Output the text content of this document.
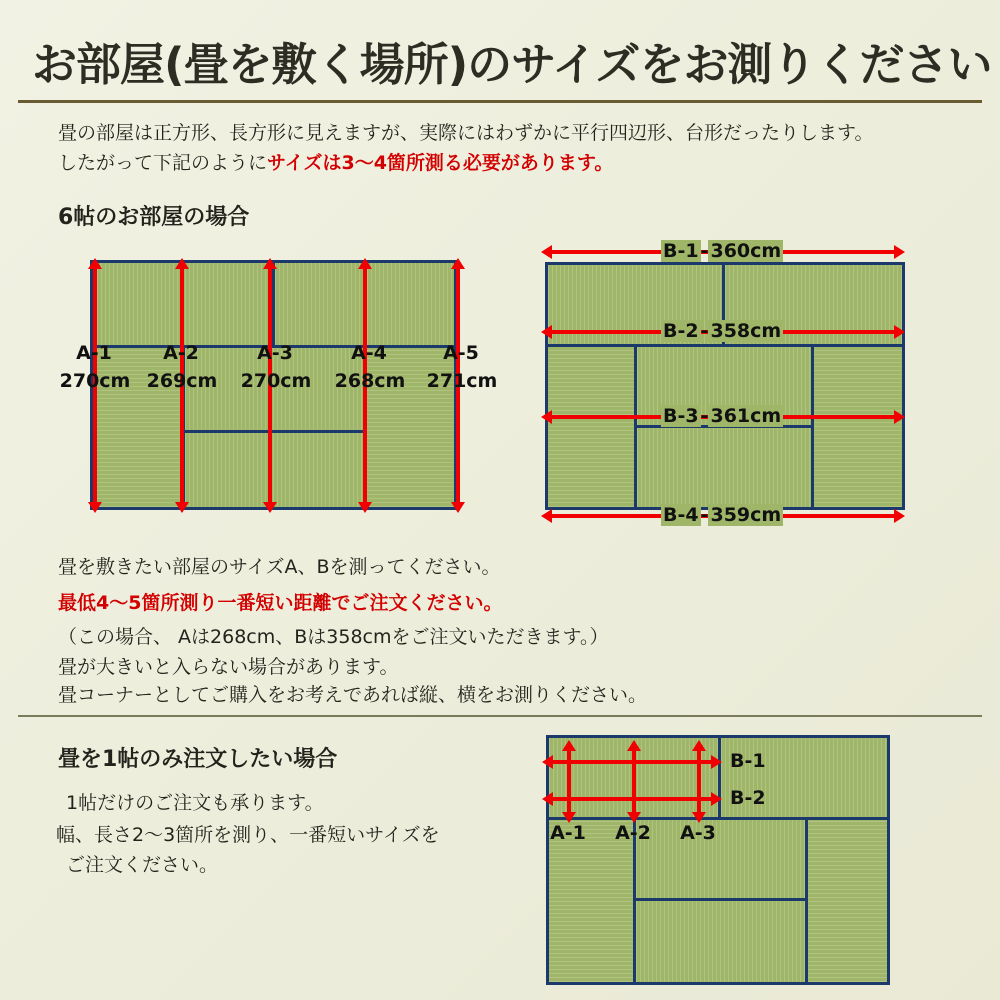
お部屋(畳を敷く場所)のサイズをお測りください
畳の部屋は正方形、長方形に見えますが、実際にはわずかに平行四辺形、台形だったりします。
したがって下記のようにサイズは3〜4箇所測る必要があります。
6帖のお部屋の場合
A-1
270cm
A-2
269cm
A-3
270cm
A-4
268cm
A-5
271cm
B-1 - 360cm
B-2 - 358cm
B-3 - 361cm
B-4 - 359cm
畳を敷きたい部屋のサイズA、Bを測ってください。
最低4〜5箇所測り一番短い距離でご注文ください。
（この場合、 Aは268cm、Bは358cmをご注文いただきます。）
畳が大きいと入らない場合があります。
畳コーナーとしてご購入をお考えであれば縦、横をお測りください。
畳を1帖のみ注文したい場合
1帖だけのご注文も承ります。
幅、長さ2〜3箇所を測り、一番短いサイズを
ご注文ください。
B-1
B-2
A-1	A-2	A-3
